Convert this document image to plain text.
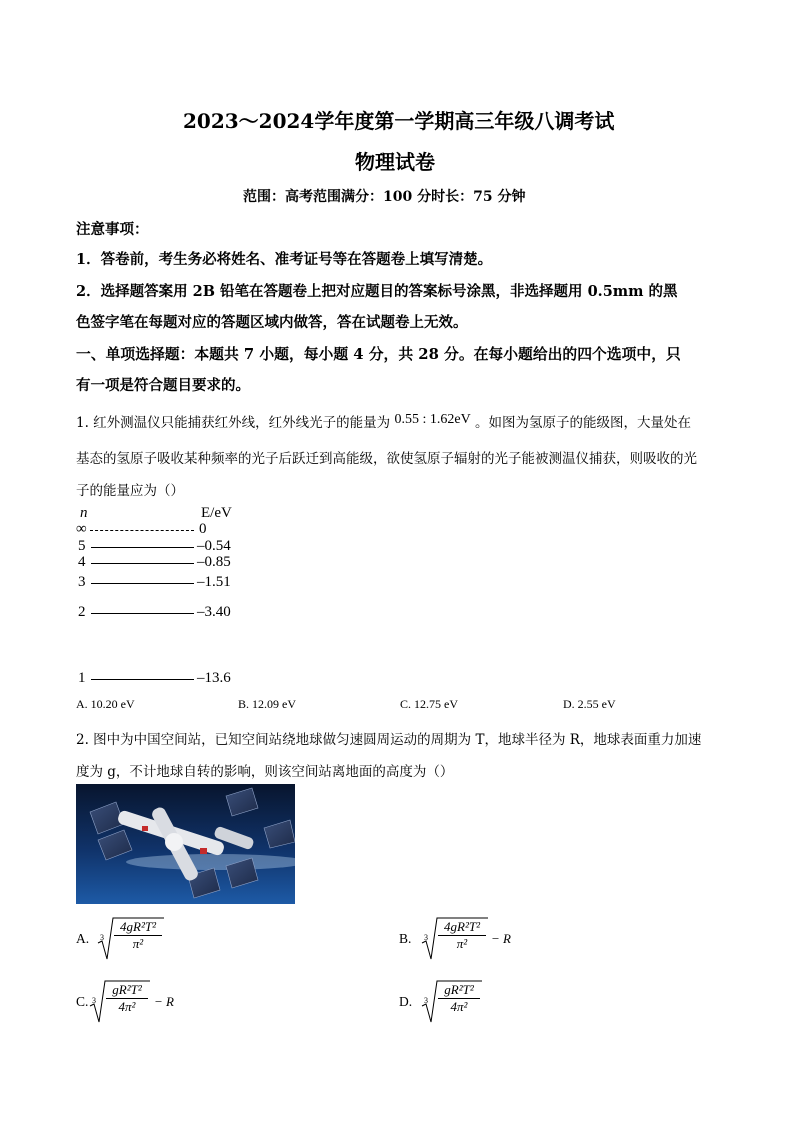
2023～2024学年度第一学期高三年级八调考试
物理试卷
范围：高考范围满分：100 分时长：75 分钟
注意事项：
1．答卷前，考生务必将姓名、准考证号等在答题卷上填写清楚。
2．选择题答案用 2B 铅笔在答题卷上把对应题目的答案标号涂黑，非选择题用 0.5mm 的黑
色签字笔在每题对应的答题区域内做答，答在试题卷上无效。
一、单项选择题：本题共 7 小题，每小题 4 分，共 28 分。在每小题给出的四个选项中，只
有一项是符合题目要求的。
1. 红外测温仪只能捕获红外线，红外线光子的能量为 0.55 : 1.62eV 。如图为氢原子的能级图，大量处在
基态的氢原子吸收某种频率的光子后跃迁到高能级，欲使氢原子辐射的光子能被测温仪捕获，则吸收的光
子的能量应为（）
n	E/eV
∞	0
5	–0.54
4	–0.85
3	–1.51
2	–3.40
1	–13.6
A. 10.20 eV	B. 12.09 eV	C. 12.75 eV	D. 2.55 eV
2. 图中为中国空间站，已知空间站绕地球做匀速圆周运动的周期为 T，地球半径为 R，地球表面重力加速
度为 g，不计地球自转的影响，则该空间站离地面的高度为（）
A. 3
4gR²T²
π²	B. 3
4gR²T²
π²	− R
C. 3
gR²T²
4π²	− R	D. 3
gR²T²
4π²
